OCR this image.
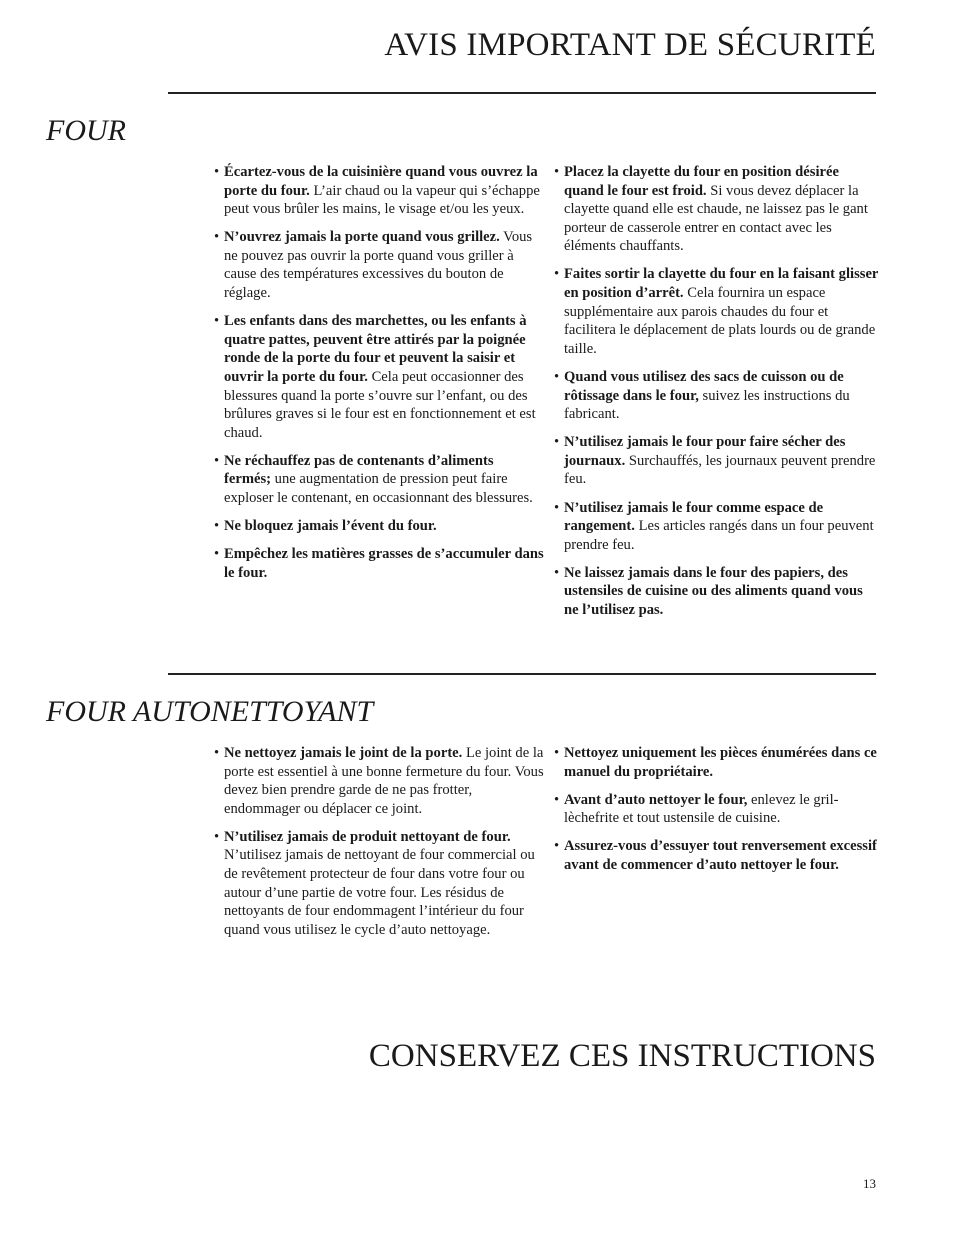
AVIS IMPORTANT DE SÉCURITÉ
FOUR
• Écartez-vous de la cuisinière quand vous ouvrez la porte du four. L’air chaud ou la vapeur qui s’échappe peut vous brûler les mains, le visage et/ou les yeux.
• N’ouvrez jamais la porte quand vous grillez. Vous ne pouvez pas ouvrir la porte quand vous griller à cause des températures excessives du bouton de réglage.
• Les enfants dans des marchettes, ou les enfants à quatre pattes, peuvent être attirés par la poignée ronde de la porte du four et peuvent la saisir et ouvrir la porte du four. Cela peut occasionner des blessures quand la porte s’ouvre sur l’enfant, ou des brûlures graves si le four est en fonctionnement et est chaud.
• Ne réchauffez pas de contenants d’aliments fermés; une augmentation de pression peut faire exploser le contenant, en occasionnant des blessures.
• Ne bloquez jamais l’évent du four.
• Empêchez les matières grasses de s’accumuler dans le four.
• Placez la clayette du four en position désirée quand le four est froid. Si vous devez déplacer la clayette quand elle est chaude, ne laissez pas le gant porteur de casserole entrer en contact avec les éléments chauffants.
• Faites sortir la clayette du four en la faisant glisser en position d’arrêt. Cela fournira un espace supplémentaire aux parois chaudes du four et facilitera le déplacement de plats lourds ou de grande taille.
• Quand vous utilisez des sacs de cuisson ou de rôtissage dans le four, suivez les instructions du fabricant.
• N’utilisez jamais le four pour faire sécher des journaux. Surchauffés, les journaux peuvent prendre feu.
• N’utilisez jamais le four comme espace de rangement. Les articles rangés dans un four peuvent prendre feu.
• Ne laissez jamais dans le four des papiers, des ustensiles de cuisine ou des aliments quand vous ne l’utilisez pas.
FOUR AUTONETTOYANT
• Ne nettoyez jamais le joint de la porte. Le joint de la porte est essentiel à une bonne fermeture du four. Vous devez bien prendre garde de ne pas frotter, endommager ou déplacer ce joint.
• N’utilisez jamais de produit nettoyant de four. N’utilisez jamais de nettoyant de four commercial ou de revêtement protecteur de four dans votre four ou autour d’une partie de votre four. Les résidus de nettoyants de four endommagent l’intérieur du four quand vous utilisez le cycle d’auto nettoyage.
• Nettoyez uniquement les pièces énumérées dans ce manuel du propriétaire.
• Avant d’auto nettoyer le four, enlevez le gril-lèchefrite et tout ustensile de cuisine.
• Assurez-vous d’essuyer tout renversement excessif avant de commencer d’auto nettoyer le four.
CONSERVEZ CES INSTRUCTIONS
13
